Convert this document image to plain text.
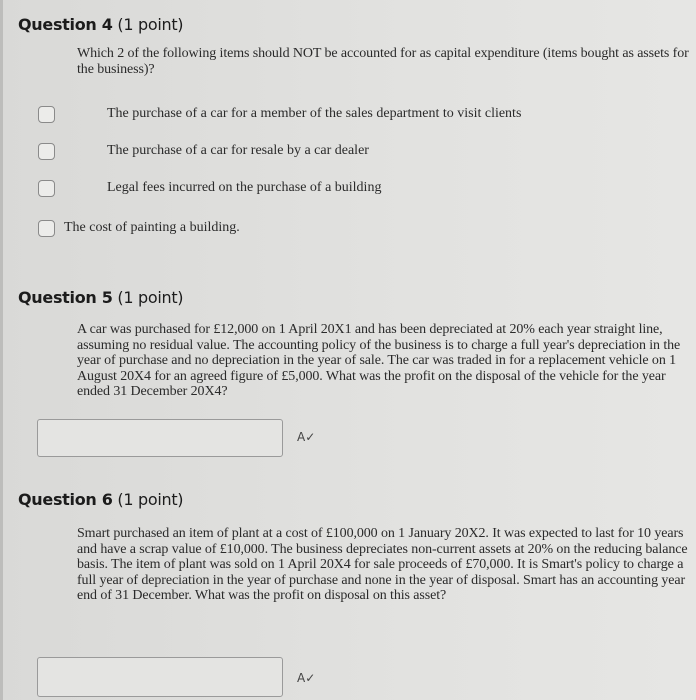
Question 4 (1 point)
Which 2 of the following items should NOT be accounted for as capital expenditure (items bought as assets for the business)?
The purchase of a car for a member of the sales department to visit clients
The purchase of a car for resale by a car dealer
Legal fees incurred on the purchase of a building
The cost of painting a building.
Question 5 (1 point)
A car was purchased for £12,000 on 1 April 20X1 and has been depreciated at 20% each year straight line, assuming no residual value. The accounting policy of the business is to charge a full year's depreciation in the year of purchase and no depreciation in the year of sale. The car was traded in for a replacement vehicle on 1 August 20X4 for an agreed figure of £5,000. What was the profit on the disposal of the vehicle for the year ended 31 December 20X4?
A✓
Question 6 (1 point)
Smart purchased an item of plant at a cost of £100,000 on 1 January 20X2. It was expected to last for 10 years and have a scrap value of £10,000. The business depreciates non-current assets at 20% on the reducing balance basis. The item of plant was sold on 1 April 20X4 for sale proceeds of £70,000. It is Smart's policy to charge a full year of depreciation in the year of purchase and none in the year of disposal. Smart has an accounting year end of 31 December. What was the profit on disposal on this asset?
A✓
